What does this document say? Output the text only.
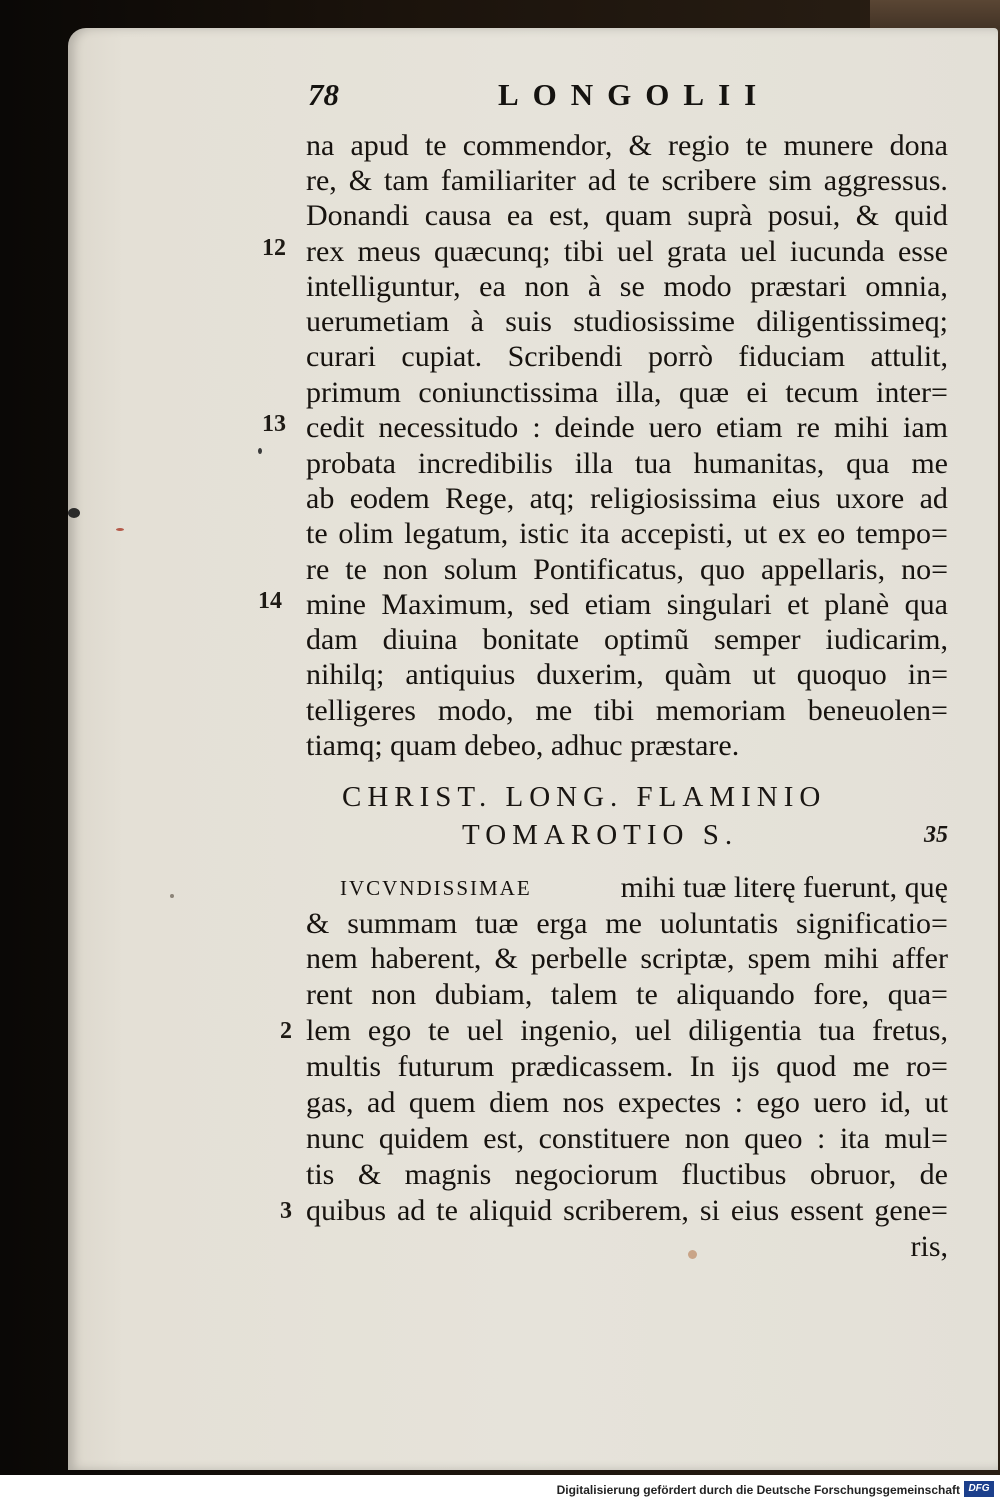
78	LONGOLII
na apud te commendor, & regio te munere dona
re, & tam familiariter ad te scribere sim aggressus.
Donandi causa ea est, quam suprà posui, & quid
rex meus quæcunq; tibi uel grata uel iucunda esse
intelliguntur, ea non à se modo præstari omnia,
uerumetiam à suis studiosissime diligentissimeq;
curari cupiat. Scribendi porrò fiduciam attulit,
primum coniunctissima illa, quæ ei tecum inter=
cedit necessitudo : deinde uero etiam re mihi iam
probata incredibilis illa tua humanitas, qua me
ab eodem Rege, atq; religiosissima eius uxore ad
te olim legatum, istic ita accepisti, ut ex eo tempo=
re te non solum Pontificatus, quo appellaris, no=
mine Maximum, sed etiam singulari et planè qua
dam diuina bonitate optimũ semper iudicarim,
nihilq; antiquius duxerim, quàm ut quoquo in=
telligeres modo, me tibi memoriam beneuolen=
tiamq; quam debeo, adhuc præstare.
12
13
14
CHRIST. LONG. FLAMINIO
TOMAROTIO S.	35
IVCVNDISSIMAE	mihi tuæ literę fuerunt, quę
& summam tuæ erga me uoluntatis significatio=
nem haberent, & perbelle scriptæ, spem mihi affer
rent non dubiam, talem te aliquando fore, qua=
lem ego te uel ingenio, uel diligentia tua fretus,
multis futurum prædicassem. In ijs quod me ro=
gas, ad quem diem nos expectes : ego uero id, ut
nunc quidem est, constituere non queo : ita mul=
tis & magnis negociorum fluctibus obruor, de
quibus ad te aliquid scriberem, si eius essent gene=
ris,
2
3
Digitalisierung gefördert durch die Deutsche Forschungsgemeinschaft DFG
